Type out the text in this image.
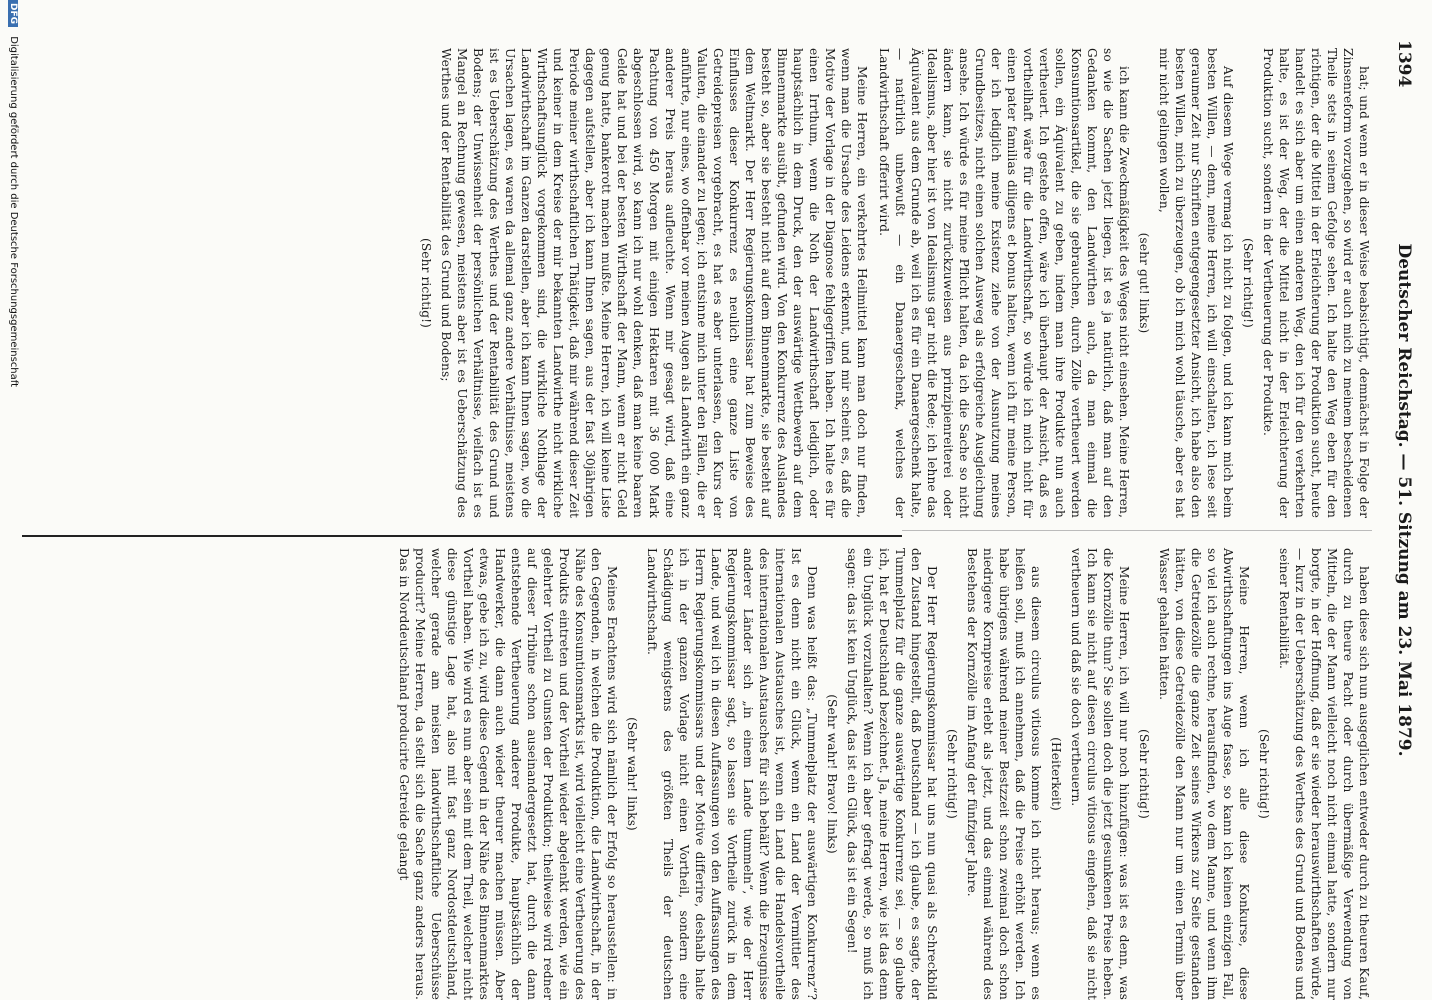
1394
Deutscher Reichstag. — 51. Sitzung am 23. Mai 1879.

hat; und wenn er in dieser Weise beabsichtigt, demnächst in Folge der Zinsenreform vorzugehen, so wird er auch mich zu meinem bescheidenen Theile stets in seinem Gefolge sehen. Ich halte den Weg eben für den richtigen, der die Mittel in der Erleichterung der Produktion sucht, heute handelt es sich aber um einen anderen Weg, den ich für den verkehrten halte, es ist der Weg, der die Mittel nicht in der Erleichterung der Produktion sucht, sondern in der Vertheuerung der Produkte.

(Sehr richtig!)

Auf diesem Wege vermag ich nicht zu folgen, und ich kann mich beim besten Willen, — denn, meine Herren, ich will einschalten, ich lese seit geraumer Zeit nur Schriften entgegengesetzter Ansicht, ich habe also den besten Willen, mich zu überzeugen, ob ich mich wohl täusche, aber es hat mir nicht gelingen wollen,

(sehr gut! links)

ich kann die Zweckmäßigkeit des Weges nicht einsehen. Meine Herren, so wie die Sachen jetzt liegen, ist es ja natürlich, daß man auf den Gedanken kommt, den Landwirthen auch, da man einmal die Konsumtionsartikel, die sie gebrauchen, durch Zölle vertheuert werden sollen, ein Äquivalent zu geben, indem man ihre Produkte nun auch vertheuert. Ich gestehe offen, wäre ich überhaupt der Ansicht, daß es vortheilhaft wäre für die Landwirthschaft, so würde ich mich nicht für einen pater familias diligens et bonus halten, wenn ich für meine Person, der ich lediglich meine Existenz ziehe von der Ausnutzung meines Grundbesitzes, nicht einen solchen Ausweg als erfolgreiche Ausgleichung ansehe. Ich würde es für meine Pflicht halten, da ich die Sache so nicht ändern kann, sie nicht zurückzuweisen aus prinzipienreiterei oder Idealismus, aber hier ist von Idealismus gar nicht die Rede; ich lehne das Äquivalent aus dem Grunde ab, weil ich es für ein Danaergeschenk halte, — natürlich unbewußt — ein Danaergeschenk, welches der Landwirthschaft offerirt wird.

Meine Herren, ein verkehrtes Heilmittel kann man doch nur finden, wenn man die Ursache des Leidens erkennt, und mir scheint es, daß die Motive der Vorlage in der Diagnose fehlgegriffen haben. Ich halte es für einen Irrthum, wenn die Noth der Landwirthschaft lediglich, oder hauptsächlich in dem Druck, den der auswärtige Wettbewerb auf dem Binnenmarkte ausübt, gefunden wird. Von den Konkurrenz des Auslandes besteht so, aber sie besteht nicht auf dem Binnenmarkte, sie besteht auf dem Weltmarkt. Der Herr Regierungskommissar hat zum Beweise des Einflusses dieser Konkurrenz es neulich eine ganze Liste von Getreidepreisen vorgebracht, es hat es aber unterlassen, den Kurs der Valuten, die einander zu legen; ich entsinne mich unter den Fällen, die er anführte, nur eines, wo offenbar vor meinen Augen als Landwirth ein ganz anderer Preis heraus aufleuchte. Wenn mir gesagt wird, daß eine Pachtung von 450 Morgen mit einigen Hektaren mit 36 000 Mark abgeschlossen wird, so kann ich nur wohl denken, daß man keine baaren Gelde hat und bei der besten Wirthschaft der Mann, wenn er nicht Geld genug hatte, bankerott machen mußte. Meine Herren, ich will keine Liste dagegen aufstellen, aber ich kann Ihnen sagen, aus der fast 30jährigen Periode meiner wirthschaftlichen Thätigkeit, daß mir während dieser Zeit und keiner in dem Kreise der mir bekannten Landwirthe nicht wirkliche Wirthschaftsunglück vorgekommen sind, die wirkliche Nothlage der Landwirthschaft im Ganzen darstellen, aber ich kann Ihnen sagen, wo die Ursachen lagen, es waren da allemal ganz andere Verhältnisse, meistens ist es Ueberschätzung des Werthes und der Rentabilität des Grund und Bodens; der Unwissenheit der persönlichen Verhältnisse, vielfach ist es Mangel an Rechnung gewesen, meistens aber ist es Ueberschätzung des Werthes und der Rentabilität des Grund und Bodens;

(Sehr richtig!)

haben diese sich nun ausgeglichen entweder durch zu theuren Kauf, durch zu theure Pacht oder durch übermäßige Verwendung von Mitteln, die der Mann vielleicht noch nicht einmal hatte, sondern nur borgte, in der Hoffnung, daß er sie wieder herauswirthschaften würde, — kurz in der Ueberschätzung des Werthes des Grund und Bodens und seiner Rentabilität.

(Sehr richtig!)

Meine Herren, wenn ich alle diese Konkurse, diese Abwirthschaftungen ins Auge fasse, so kann ich keinen einzigen Fall, so viel ich auch rechne, herausfinden, wo dem Manne, und wenn ihm die Getreidezölle die ganze Zeit seines Wirkens zur Seite gestanden hätten, von diese Getreidezölle den Mann nur um einen Termin über Wasser gehalten hätten.

(Sehr richtig!)

Meine Herren, ich will nur noch hinzufügen: was ist es denn, was die Kornzölle thun? Sie sollen doch die jetzt gesunkenen Preise heben. Ich kann sie nicht auf diesen circulus vitiosus eingehen, daß sie nicht vertheuern und daß sie doch vertheuern.

(Heiterkeit)

aus diesem circulus vitiosus komme ich nicht heraus; wenn es heißen soll, muß ich annehmen, daß die Preise erhöht werden. Ich habe übrigens während meiner Bestzzeit schon zweimal doch schon niedrigere Kornpreise erlebt als jetzt, und das einmal während des Bestehens der Kornzölle im Anfang der fünfziger Jahre.

(Sehr richtig!)

Der Herr Regierungskommissar hat uns nun quasi als Schreckbild den Zustand hingestellt, daß Deutschland — ich glaube, es sagte, der Tummelplatz für die ganze auswärtige Konkurrenz sei, — so glaube ich, hat er Deutschland bezeichnet. Ja, meine Herren, wie ist das denn ein Unglück vorzuhalten? Wenn ich aber gefragt werde, so muß ich sagen: das ist kein Unglück, das ist ein Glück, das ist ein Segen!

(Sehr wahr! Bravo! links)

Denn was heißt das: „Tummelplatz der auswärtigen Konkurrenz“? Ist es denn nicht ein Glück, wenn ein Land der Vermittler des internationalen Austausches ist, wenn ein Land die Handelsvortheile des internationalen Austausches für sich behält? Wenn die Erzeugnisse anderer Länder sich „in einem Lande tummeln“, wie der Herr Regierungskommissar sagt, so lassen sie Vortheile zurück in dem Lande, und weil ich in diesen Auffassungen von den Auffassungen des Herrn Regierungskommissars und der Motive differire, deshalb halte ich in der ganzen Vorlage nicht einen Vortheil, sondern eine Schädigung wenigstens des größten Theils der deutschen Landwirthschaft.

(Sehr wahr! links)

Meines Erachtens wird sich nämlich der Erfolg so herausstellen: in den Gegenden, in welchen die Produktion, die Landwirthschaft, in der Nähe des Konsumtionsmarkts ist, wird vielleicht eine Vertheuerung des Produkts eintreten und der Vortheil wieder abgelenkt werden, wie ein gelehrter Vortheil zu Gunsten der Produktion; theilweise wird redner auf dieser Tribüne schon auseinandergesetzt hat, durch die dann entstehende Vertheuerung anderer Produkte, hauptsächlich der Handwerker, die dann auch wieder theurer machen müssen. Aber etwas, gebe ich zu, wird diese Gegend in der Nähe des Binnenmarktes Vortheil haben. Wie wird es nun aber sein mit dem Theil, welcher nicht diese günstige Lage hat, also mit fast ganz Nordostdeutschland, welcher gerade am meisten landwirthschaftliche Ueberschüsse producirt? Meine Herren, da stellt sich die Sache ganz anders heraus. Das in Norddeutschland producirte Getreide gelangt

DFG Digitalisierung gefördert durch die Deutsche Forschungsgemeinschaft
